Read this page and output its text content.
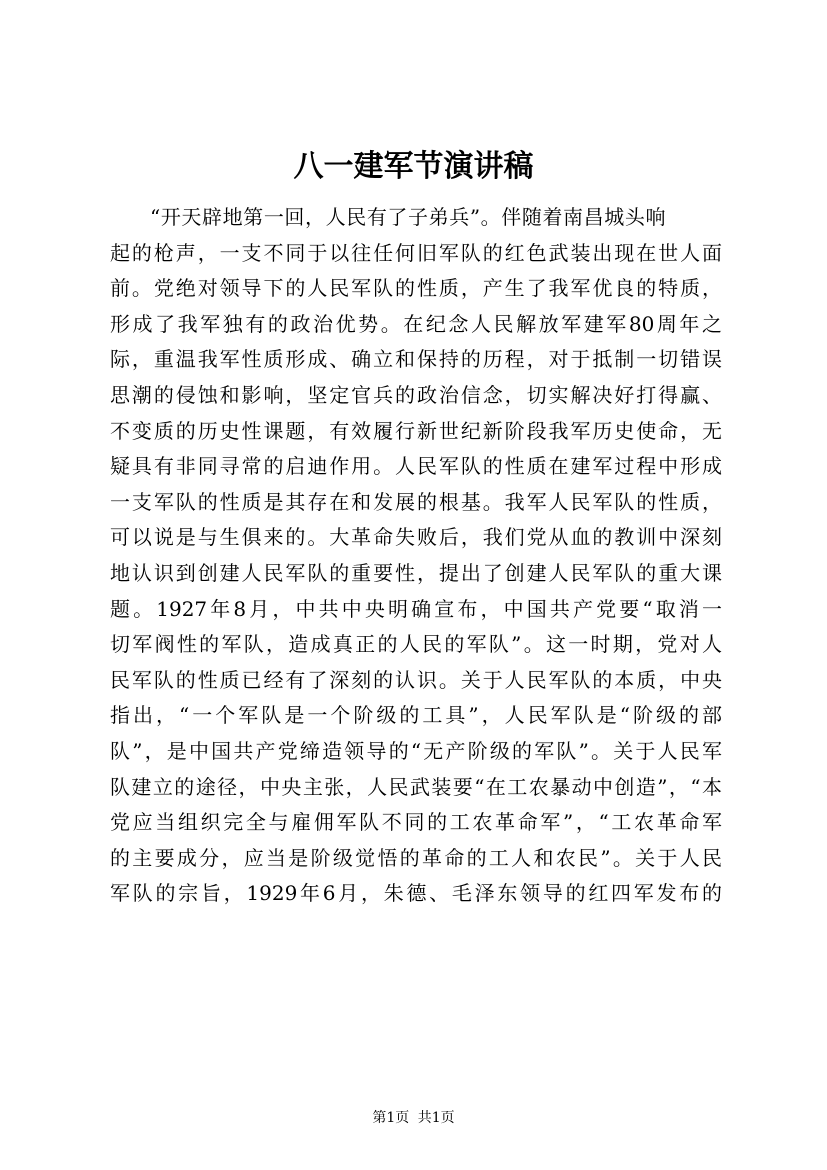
八一建军节演讲稿
“开天辟地第一回，人民有了子弟兵”。伴随着南昌城头响
起的枪声，一支不同于以往任何旧军队的红色武装出现在世人面
前。党绝对领导下的人民军队的性质，产生了我军优良的特质，
形成了我军独有的政治优势。在纪念人民解放军建军80周年之
际，重温我军性质形成、确立和保持的历程，对于抵制一切错误
思潮的侵蚀和影响，坚定官兵的政治信念，切实解决好打得赢、
不变质的历史性课题，有效履行新世纪新阶段我军历史使命，无
疑具有非同寻常的启迪作用。人民军队的性质在建军过程中形成
一支军队的性质是其存在和发展的根基。我军人民军队的性质，
可以说是与生俱来的。大革命失败后，我们党从血的教训中深刻
地认识到创建人民军队的重要性，提出了创建人民军队的重大课
题。1927年8月，中共中央明确宣布，中国共产党要“取消一
切军阀性的军队，造成真正的人民的军队”。这一时期，党对人
民军队的性质已经有了深刻的认识。关于人民军队的本质，中央
指出，“一个军队是一个阶级的工具”，人民军队是“阶级的部
队”，是中国共产党缔造领导的“无产阶级的军队”。关于人民军
队建立的途径，中央主张，人民武装要“在工农暴动中创造”，“本
党应当组织完全与雇佣军队不同的工农革命军”，“工农革命军
的主要成分，应当是阶级觉悟的革命的工人和农民”。关于人民
军队的宗旨，1929年6月，朱德、毛泽东领导的红四军发布的
第1页 共1页
